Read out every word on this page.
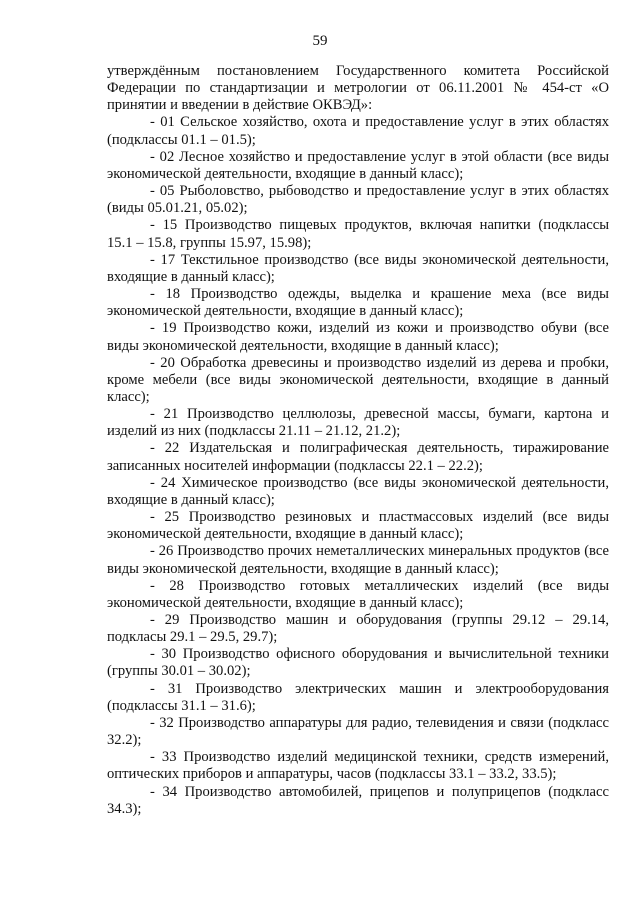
59

утверждённым постановлением Государственного комитета Российской Федерации по стандартизации и метрологии от 06.11.2001 № 454-ст «О принятии и введении в действие ОКВЭД»:

- 01 Сельское хозяйство, охота и предоставление услуг в этих областях (подклассы 01.1 – 01.5);

- 02 Лесное хозяйство и предоставление услуг в этой области (все виды экономической деятельности, входящие в данный класс);

- 05 Рыболовство, рыбоводство и предоставление услуг в этих областях (виды 05.01.21, 05.02);

- 15 Производство пищевых продуктов, включая напитки (подклассы 15.1 – 15.8, группы 15.97, 15.98);

- 17 Текстильное производство (все виды экономической деятельности, входящие в данный класс);

- 18 Производство одежды, выделка и крашение меха (все виды экономической деятельности, входящие в данный класс);

- 19 Производство кожи, изделий из кожи и производство обуви (все виды экономической деятельности, входящие в данный класс);

- 20 Обработка древесины и производство изделий из дерева и пробки, кроме мебели (все виды экономической деятельности, входящие в данный класс);

- 21 Производство целлюлозы, древесной массы, бумаги, картона и изделий из них (подклассы 21.11 – 21.12, 21.2);

- 22 Издательская и полиграфическая деятельность, тиражирование записанных носителей информации (подклассы 22.1 – 22.2);

- 24 Химическое производство (все виды экономической деятельности, входящие в данный класс);

- 25 Производство резиновых и пластмассовых изделий (все виды экономической деятельности, входящие в данный класс);

- 26 Производство прочих неметаллических минеральных продуктов (все виды экономической деятельности, входящие в данный класс);

- 28 Производство готовых металлических изделий (все виды экономической деятельности, входящие в данный класс);

- 29 Производство машин и оборудования (группы 29.12 – 29.14, подкласы 29.1 – 29.5, 29.7);

- 30 Производство офисного оборудования и вычислительной техники (группы 30.01 – 30.02);

- 31 Производство электрических машин и электрооборудования (подклассы 31.1 – 31.6);

- 32 Производство аппаратуры для радио, телевидения и связи (подкласс 32.2);

- 33 Производство изделий медицинской техники, средств измерений, оптических приборов и аппаратуры, часов (подклассы 33.1 – 33.2, 33.5);

- 34 Производство автомобилей, прицепов и полуприцепов (подкласс 34.3);
